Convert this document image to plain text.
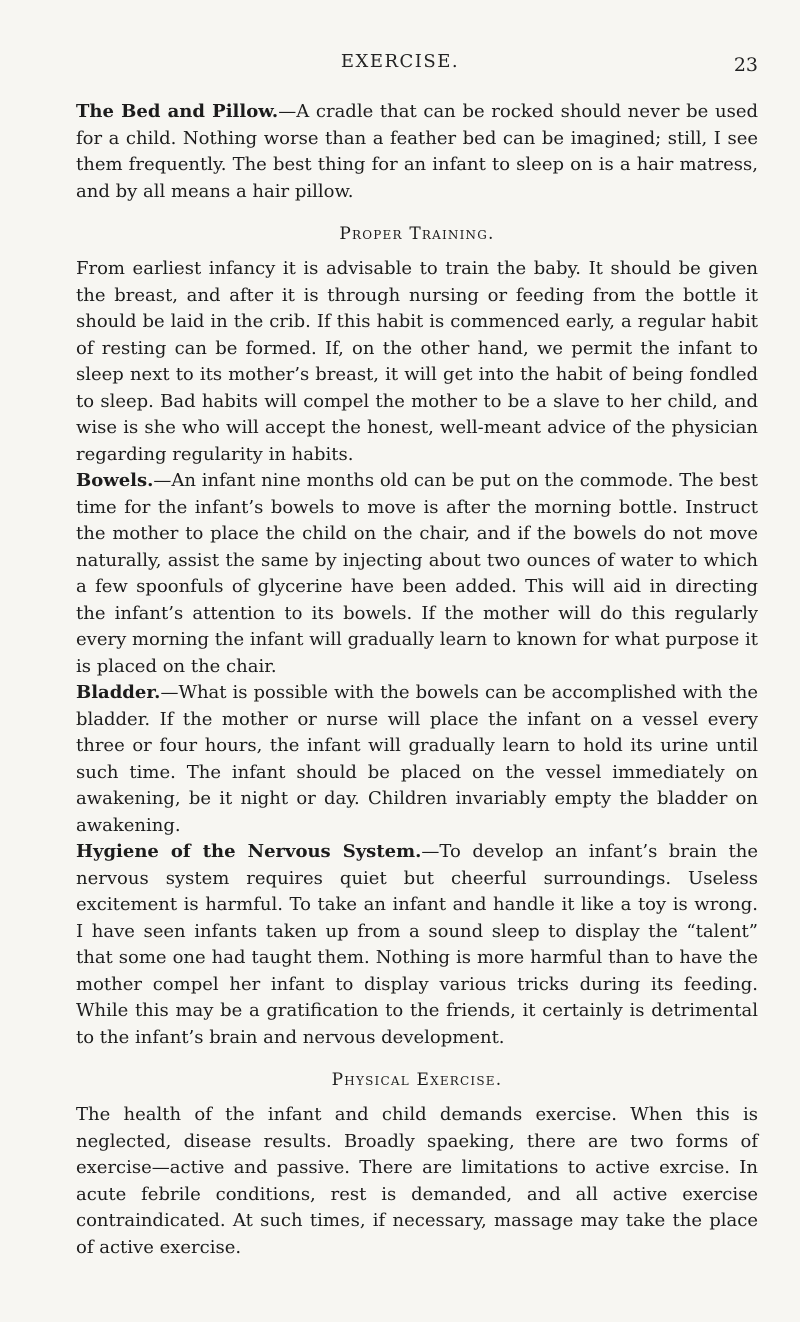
EXERCISE.	23

The Bed and Pillow.—A cradle that can be rocked should never be used for a child. Nothing worse than a feather bed can be imagined; still, I see them frequently. The best thing for an infant to sleep on is a hair matress, and by all means a hair pillow.

Proper Training.

From earliest infancy it is advisable to train the baby. It should be given the breast, and after it is through nursing or feeding from the bottle it should be laid in the crib. If this habit is commenced early, a regular habit of resting can be formed. If, on the other hand, we permit the infant to sleep next to its mother’s breast, it will get into the habit of being fondled to sleep. Bad habits will compel the mother to be a slave to her child, and wise is she who will accept the honest, well-meant advice of the physician regarding regularity in habits.

Bowels.—An infant nine months old can be put on the commode. The best time for the infant’s bowels to move is after the morning bottle. Instruct the mother to place the child on the chair, and if the bowels do not move naturally, assist the same by injecting about two ounces of water to which a few spoonfuls of glycerine have been added. This will aid in directing the infant’s attention to its bowels. If the mother will do this regularly every morning the infant will gradually learn to known for what purpose it is placed on the chair.

Bladder.—What is possible with the bowels can be accomplished with the bladder. If the mother or nurse will place the infant on a vessel every three or four hours, the infant will gradually learn to hold its urine until such time. The infant should be placed on the vessel immediately on awakening, be it night or day. Children invariably empty the bladder on awakening.

Hygiene of the Nervous System.—To develop an infant’s brain the nervous system requires quiet but cheerful surroundings. Useless excitement is harmful. To take an infant and handle it like a toy is wrong. I have seen infants taken up from a sound sleep to display the “talent” that some one had taught them. Nothing is more harmful than to have the mother compel her infant to display various tricks during its feeding. While this may be a gratification to the friends, it certainly is detrimental to the infant’s brain and nervous development.

Physical Exercise.

The health of the infant and child demands exercise. When this is neglected, disease results. Broadly spaeking, there are two forms of exercise—active and passive. There are limitations to active exrcise. In acute febrile conditions, rest is demanded, and all active exercise contraindicated. At such times, if necessary, massage may take the place of active exercise.
